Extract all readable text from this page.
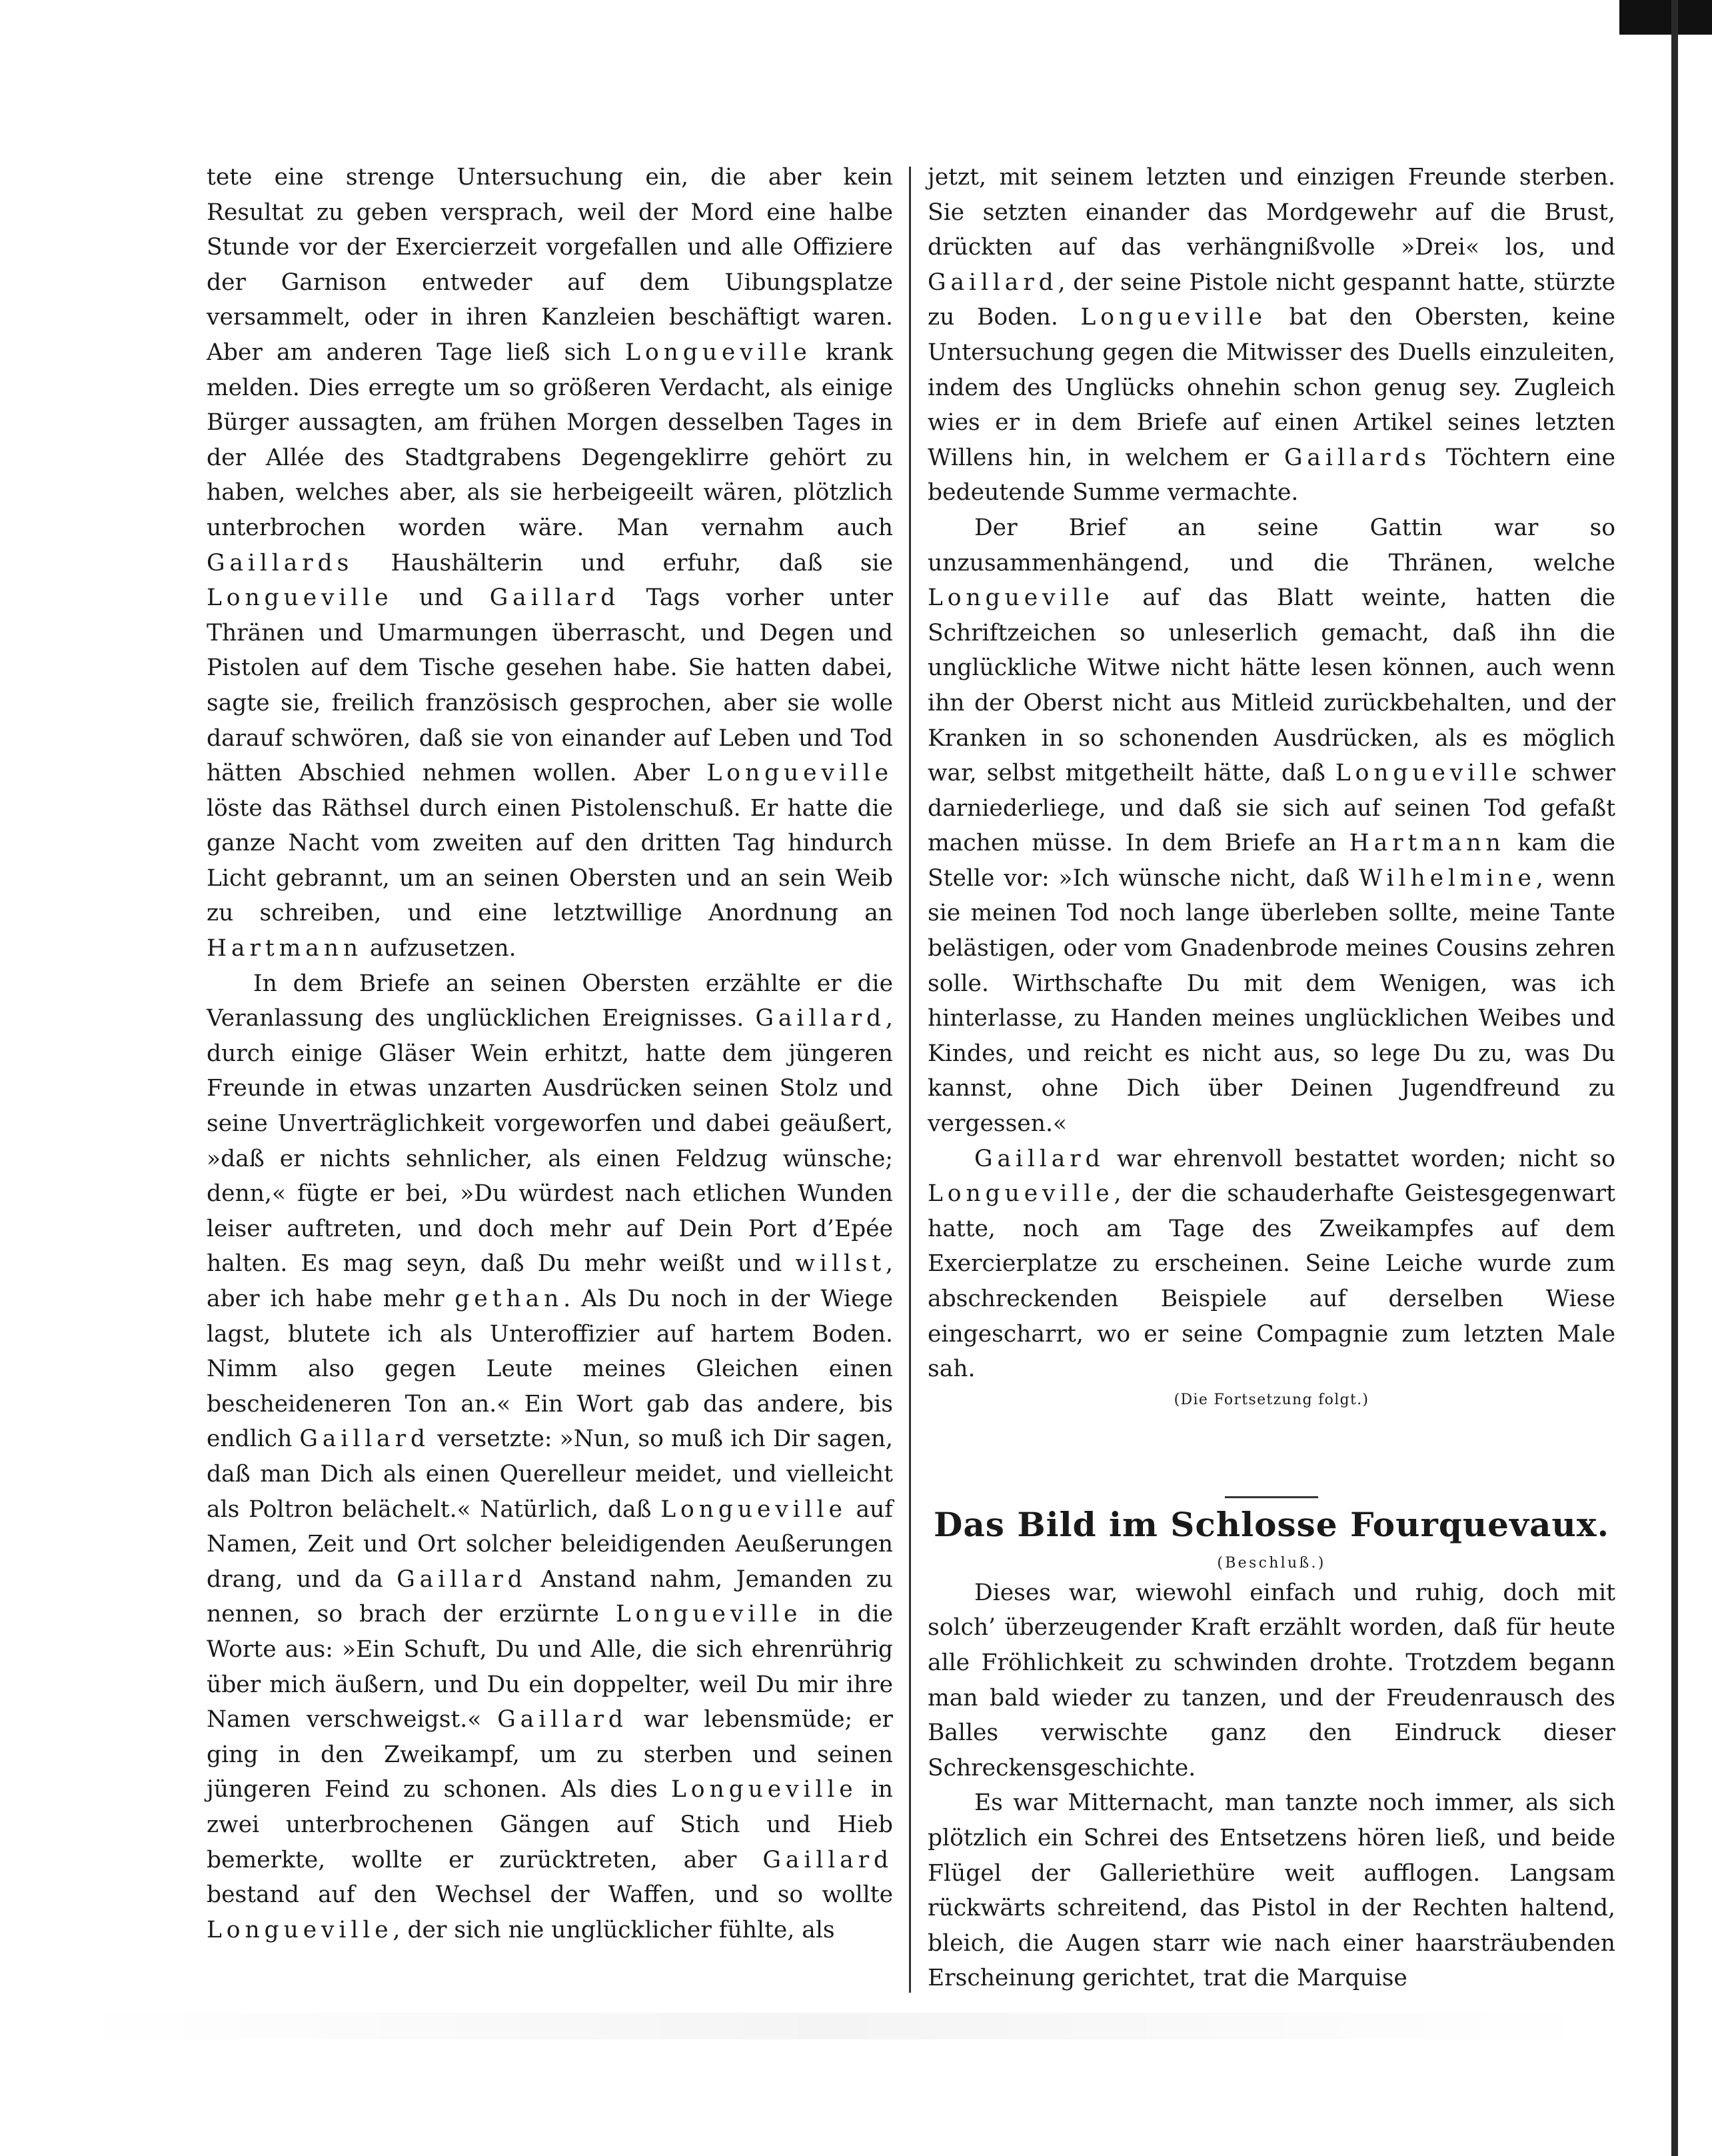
tete eine strenge Untersuchung ein, die aber kein Resultat zu geben versprach, weil der Mord eine halbe Stunde vor der Exercierzeit vorgefallen und alle Offiziere der Garnison entweder auf dem Uibungsplatze versammelt, oder in ihren Kanzleien beschäftigt waren. Aber am anderen Tage ließ sich Longueville krank melden. Dies erregte um so größeren Verdacht, als einige Bürger aussagten, am frühen Morgen desselben Tages in der Allée des Stadtgrabens Degengeklirre gehört zu haben, welches aber, als sie herbeigeeilt wären, plötzlich unterbrochen worden wäre. Man vernahm auch Gaillards Haushälterin und erfuhr, daß sie Longueville und Gaillard Tags vorher unter Thränen und Umarmungen überrascht, und Degen und Pistolen auf dem Tische gesehen habe. Sie hatten dabei, sagte sie, freilich französisch gesprochen, aber sie wolle darauf schwören, daß sie von einander auf Leben und Tod hätten Abschied nehmen wollen. Aber Longueville löste das Räthsel durch einen Pistolenschuß. Er hatte die ganze Nacht vom zweiten auf den dritten Tag hindurch Licht gebrannt, um an seinen Obersten und an sein Weib zu schreiben, und eine letztwillige Anordnung an Hartmann aufzusetzen.

In dem Briefe an seinen Obersten erzählte er die Veranlassung des unglücklichen Ereignisses. Gaillard, durch einige Gläser Wein erhitzt, hatte dem jüngeren Freunde in etwas unzarten Ausdrücken seinen Stolz und seine Unverträglichkeit vorgeworfen und dabei geäußert, »daß er nichts sehnlicher, als einen Feldzug wünsche; denn,« fügte er bei, »Du würdest nach etlichen Wunden leiser auftreten, und doch mehr auf Dein Port d’Epée halten. Es mag seyn, daß Du mehr weißt und willst, aber ich habe mehr gethan. Als Du noch in der Wiege lagst, blutete ich als Unteroffizier auf hartem Boden. Nimm also gegen Leute meines Gleichen einen bescheideneren Ton an.« Ein Wort gab das andere, bis endlich Gaillard versetzte: »Nun, so muß ich Dir sagen, daß man Dich als einen Querelleur meidet, und vielleicht als Poltron belächelt.« Natürlich, daß Longueville auf Namen, Zeit und Ort solcher beleidigenden Aeußerungen drang, und da Gaillard Anstand nahm, Jemanden zu nennen, so brach der erzürnte Longueville in die Worte aus: »Ein Schuft, Du und Alle, die sich ehrenrührig über mich äußern, und Du ein doppelter, weil Du mir ihre Namen verschweigst.« Gaillard war lebensmüde; er ging in den Zweikampf, um zu sterben und seinen jüngeren Feind zu schonen. Als dies Longueville in zwei unterbrochenen Gängen auf Stich und Hieb bemerkte, wollte er zurücktreten, aber Gaillard bestand auf den Wechsel der Waffen, und so wollte Longueville, der sich nie unglücklicher fühlte, als

jetzt, mit seinem letzten und einzigen Freunde sterben. Sie setzten einander das Mordgewehr auf die Brust, drückten auf das verhängnißvolle »Drei« los, und Gaillard, der seine Pistole nicht gespannt hatte, stürzte zu Boden. Longueville bat den Obersten, keine Untersuchung gegen die Mitwisser des Duells einzuleiten, indem des Unglücks ohnehin schon genug sey. Zugleich wies er in dem Briefe auf einen Artikel seines letzten Willens hin, in welchem er Gaillards Töchtern eine bedeutende Summe vermachte.

Der Brief an seine Gattin war so unzusammenhängend, und die Thränen, welche Longueville auf das Blatt weinte, hatten die Schriftzeichen so unleserlich gemacht, daß ihn die unglückliche Witwe nicht hätte lesen können, auch wenn ihn der Oberst nicht aus Mitleid zurückbehalten, und der Kranken in so schonenden Ausdrücken, als es möglich war, selbst mitgetheilt hätte, daß Longueville schwer darniederliege, und daß sie sich auf seinen Tod gefaßt machen müsse. In dem Briefe an Hartmann kam die Stelle vor: »Ich wünsche nicht, daß Wilhelmine, wenn sie meinen Tod noch lange überleben sollte, meine Tante belästigen, oder vom Gnadenbrode meines Cousins zehren solle. Wirthschafte Du mit dem Wenigen, was ich hinterlasse, zu Handen meines unglücklichen Weibes und Kindes, und reicht es nicht aus, so lege Du zu, was Du kannst, ohne Dich über Deinen Jugendfreund zu vergessen.«

Gaillard war ehrenvoll bestattet worden; nicht so Longueville, der die schauderhafte Geistesgegenwart hatte, noch am Tage des Zweikampfes auf dem Exercierplatze zu erscheinen. Seine Leiche wurde zum abschreckenden Beispiele auf derselben Wiese eingescharrt, wo er seine Compagnie zum letzten Male sah.

(Die Fortsetzung folgt.)

Das Bild im Schlosse Fourquevaux.

(Beschluß.)

Dieses war, wiewohl einfach und ruhig, doch mit solch’ überzeugender Kraft erzählt worden, daß für heute alle Fröhlichkeit zu schwinden drohte. Trotzdem begann man bald wieder zu tanzen, und der Freudenrausch des Balles verwischte ganz den Eindruck dieser Schreckensgeschichte.

Es war Mitternacht, man tanzte noch immer, als sich plötzlich ein Schrei des Entsetzens hören ließ, und beide Flügel der Galleriethüre weit aufflogen. Langsam rückwärts schreitend, das Pistol in der Rechten haltend, bleich, die Augen starr wie nach einer haarsträubenden Erscheinung gerichtet, trat die Marquise
